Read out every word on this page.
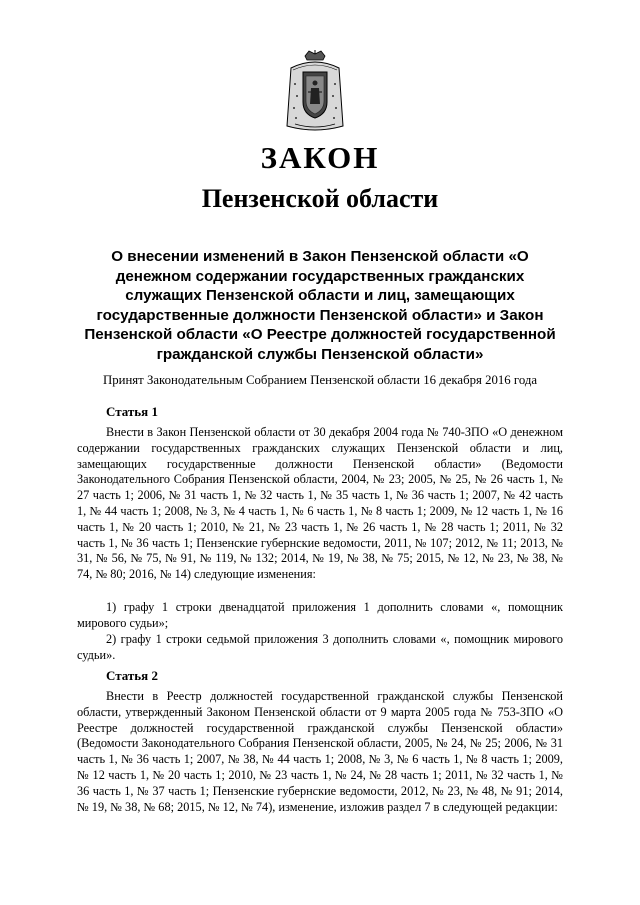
ЗАКОН
Пензенской области
О внесении изменений в Закон Пензенской области «О денежном содержании государственных гражданских служащих Пензенской области и лиц, замещающих государственные должности Пензенской области» и Закон Пензенской области «О Реестре должностей государственной гражданской службы Пензенской области»
Принят Законодательным Собранием Пензенской области 16 декабря 2016 года
Статья 1

Внести в Закон Пензенской области от 30 декабря 2004 года № 740-ЗПО «О денежном содержании государственных гражданских служащих Пензенской области и лиц, замещающих государственные должности Пензенской области» (Ведомости Законодательного Собрания Пензенской области, 2004, № 23; 2005, № 25, № 26 часть 1, № 27 часть 1; 2006, № 31 часть 1, № 32 часть 1, № 35 часть 1, № 36 часть 1; 2007, № 42 часть 1, № 44 часть 1; 2008, № 3, № 4 часть 1, № 6 часть 1, № 8 часть 1; 2009, № 12 часть 1, № 16 часть 1, № 20 часть 1; 2010, № 21, № 23 часть 1, № 26 часть 1, № 28 часть 1; 2011, № 32 часть 1, № 36 часть 1; Пензенские губернские ведомости, 2011, № 107; 2012, № 11; 2013, № 31, № 56, № 75, № 91, № 119, № 132; 2014, № 19, № 38, № 75; 2015, № 12, № 23, № 38, № 74, № 80; 2016, № 14) следующие изменения:

1) графу 1 строки двенадцатой приложения 1 дополнить словами «, помощник мирового судьи»;

2) графу 1 строки седьмой приложения 3 дополнить словами «, помощник мирового судьи».

Статья 2

Внести в Реестр должностей государственной гражданской службы Пензенской области, утвержденный Законом Пензенской области от 9 марта 2005 года № 753-ЗПО «О Реестре должностей государственной гражданской службы Пензенской области» (Ведомости Законодательного Собрания Пензенской области, 2005, № 24, № 25; 2006, № 31 часть 1, № 36 часть 1; 2007, № 38, № 44 часть 1; 2008, № 3, № 6 часть 1, № 8 часть 1; 2009, № 12 часть 1, № 20 часть 1; 2010, № 23 часть 1, № 24, № 28 часть 1; 2011, № 32 часть 1, № 36 часть 1, № 37 часть 1; Пензенские губернские ведомости, 2012, № 23, № 48, № 91; 2014, № 19, № 38, № 68; 2015, № 12, № 74), изменение, изложив раздел 7 в следующей редакции:
